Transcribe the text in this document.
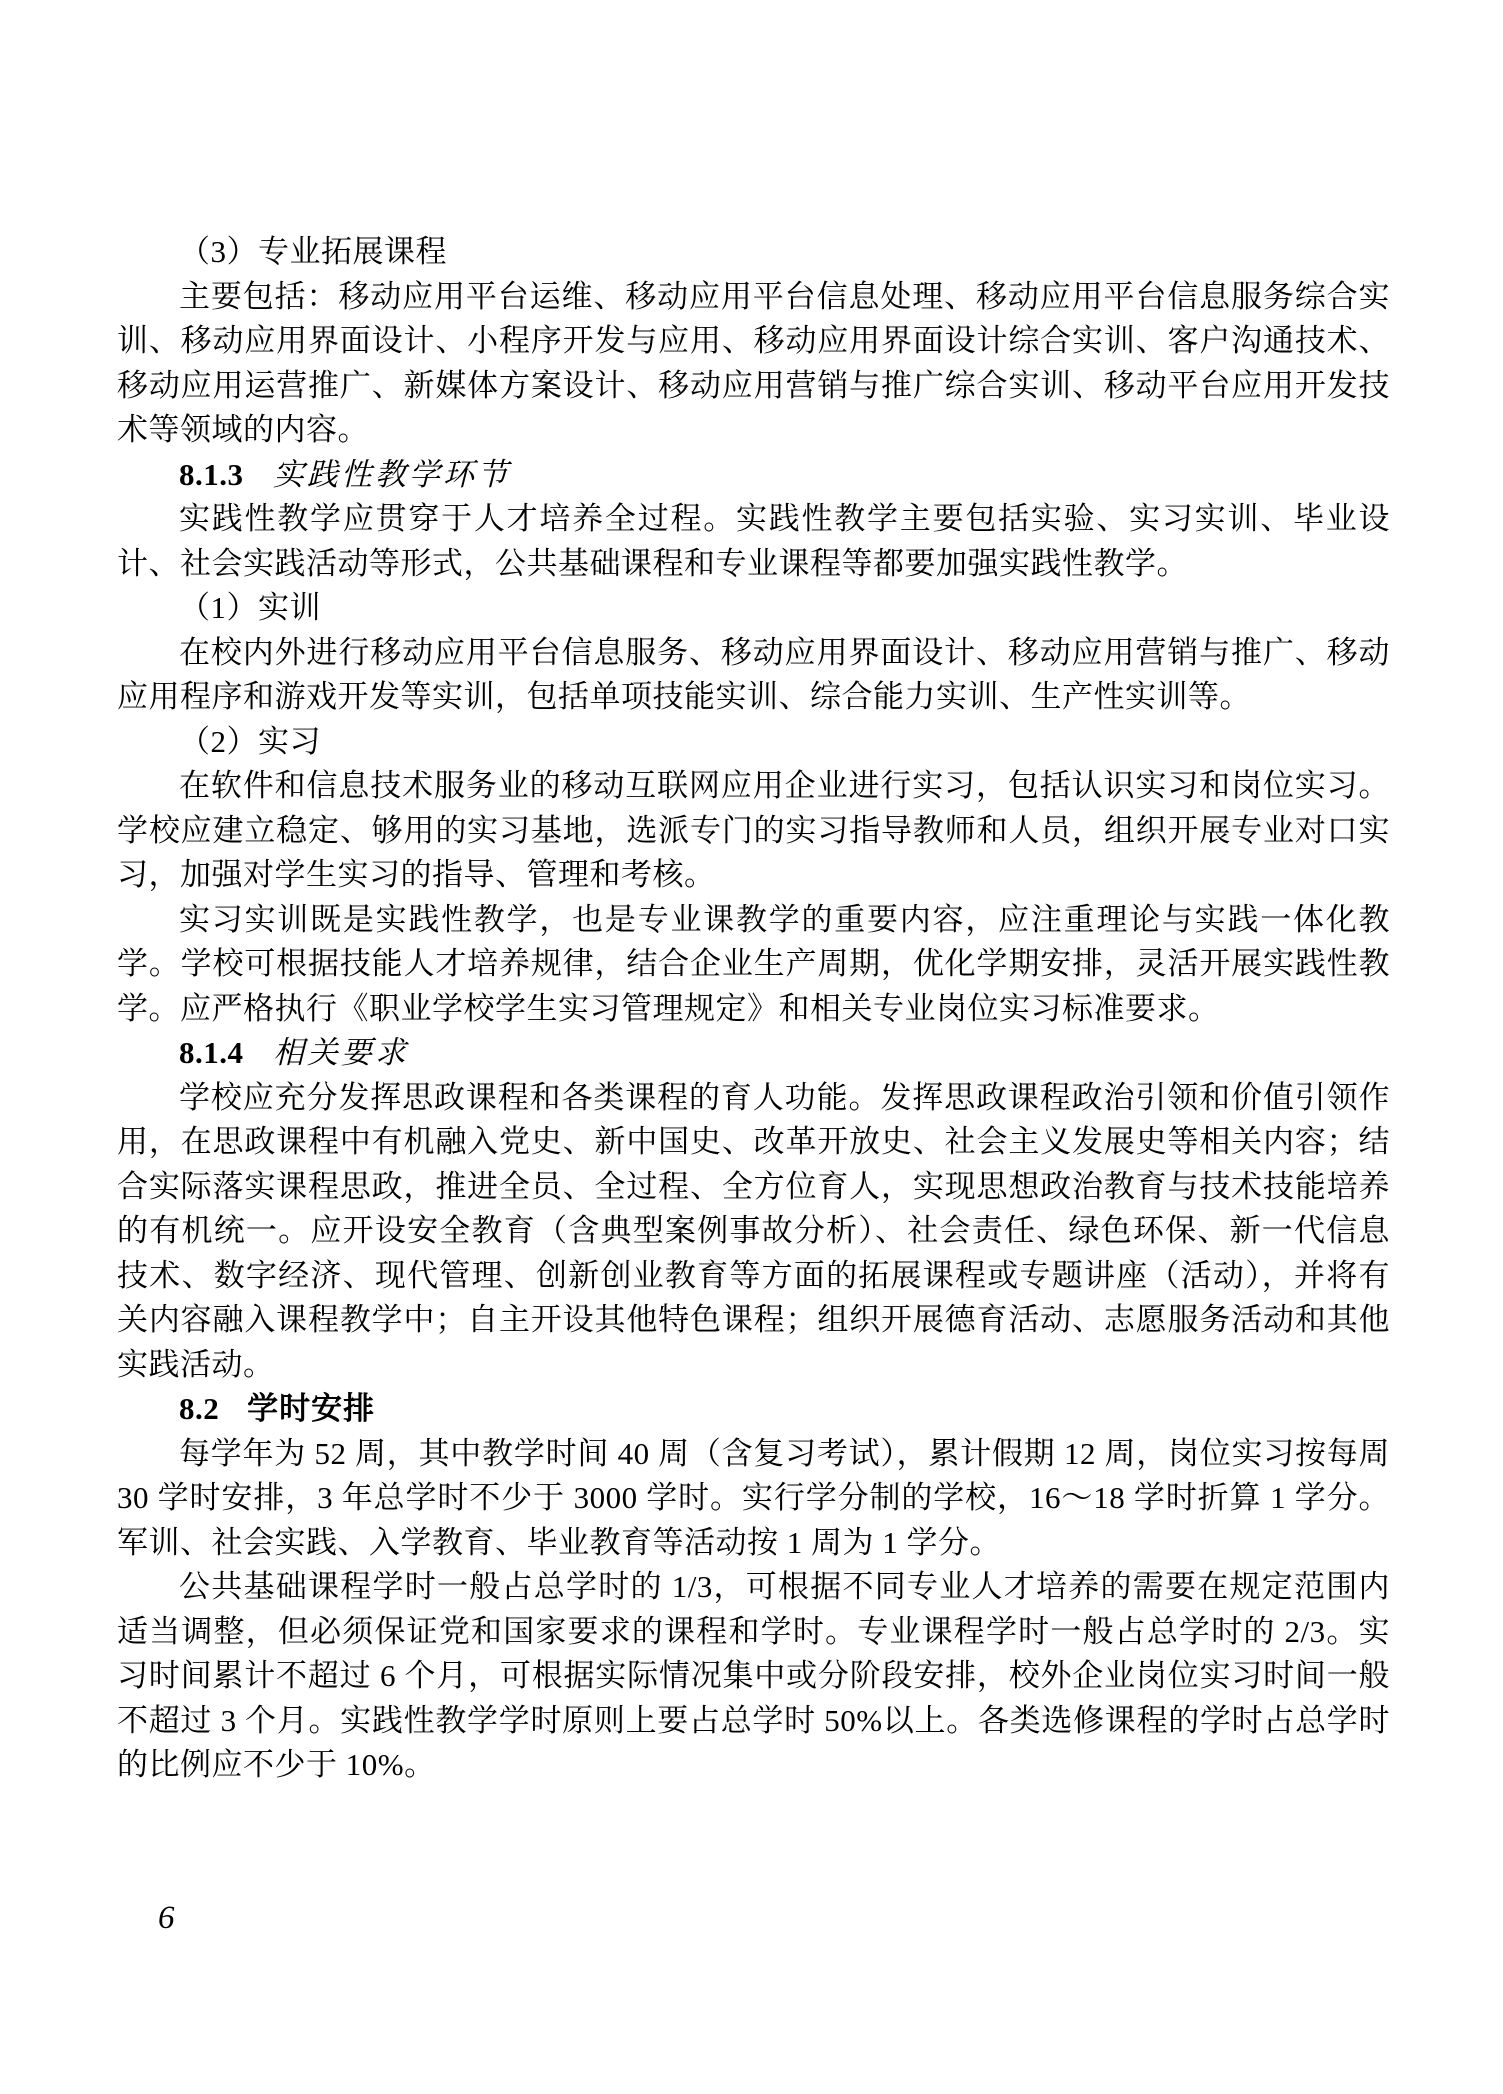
（3）专业拓展课程

主要包括：移动应用平台运维、移动应用平台信息处理、移动应用平台信息服务综合实训、移动应用界面设计、小程序开发与应用、移动应用界面设计综合实训、客户沟通技术、移动应用运营推广、新媒体方案设计、移动应用营销与推广综合实训、移动平台应用开发技术等领域的内容。

8.1.3 实践性教学环节

实践性教学应贯穿于人才培养全过程。实践性教学主要包括实验、实习实训、毕业设计、社会实践活动等形式，公共基础课程和专业课程等都要加强实践性教学。

（1）实训

在校内外进行移动应用平台信息服务、移动应用界面设计、移动应用营销与推广、移动应用程序和游戏开发等实训，包括单项技能实训、综合能力实训、生产性实训等。

（2）实习

在软件和信息技术服务业的移动互联网应用企业进行实习，包括认识实习和岗位实习。学校应建立稳定、够用的实习基地，选派专门的实习指导教师和人员，组织开展专业对口实习，加强对学生实习的指导、管理和考核。

实习实训既是实践性教学，也是专业课教学的重要内容，应注重理论与实践一体化教学。学校可根据技能人才培养规律，结合企业生产周期，优化学期安排，灵活开展实践性教学。应严格执行《职业学校学生实习管理规定》和相关专业岗位实习标准要求。

8.1.4 相关要求

学校应充分发挥思政课程和各类课程的育人功能。发挥思政课程政治引领和价值引领作用，在思政课程中有机融入党史、新中国史、改革开放史、社会主义发展史等相关内容；结合实际落实课程思政，推进全员、全过程、全方位育人，实现思想政治教育与技术技能培养的有机统一。应开设安全教育（含典型案例事故分析）、社会责任、绿色环保、新一代信息技术、数字经济、现代管理、创新创业教育等方面的拓展课程或专题讲座（活动），并将有关内容融入课程教学中；自主开设其他特色课程；组织开展德育活动、志愿服务活动和其他实践活动。

8.2 学时安排

每学年为 52 周，其中教学时间 40 周（含复习考试），累计假期 12 周，岗位实习按每周 30 学时安排，3 年总学时不少于 3000 学时。实行学分制的学校，16～18 学时折算 1 学分。军训、社会实践、入学教育、毕业教育等活动按 1 周为 1 学分。

公共基础课程学时一般占总学时的 1/3，可根据不同专业人才培养的需要在规定范围内适当调整，但必须保证党和国家要求的课程和学时。专业课程学时一般占总学时的 2/3。实习时间累计不超过 6 个月，可根据实际情况集中或分阶段安排，校外企业岗位实习时间一般不超过 3 个月。实践性教学学时原则上要占总学时 50%以上。各类选修课程的学时占总学时的比例应不少于 10%。

6
